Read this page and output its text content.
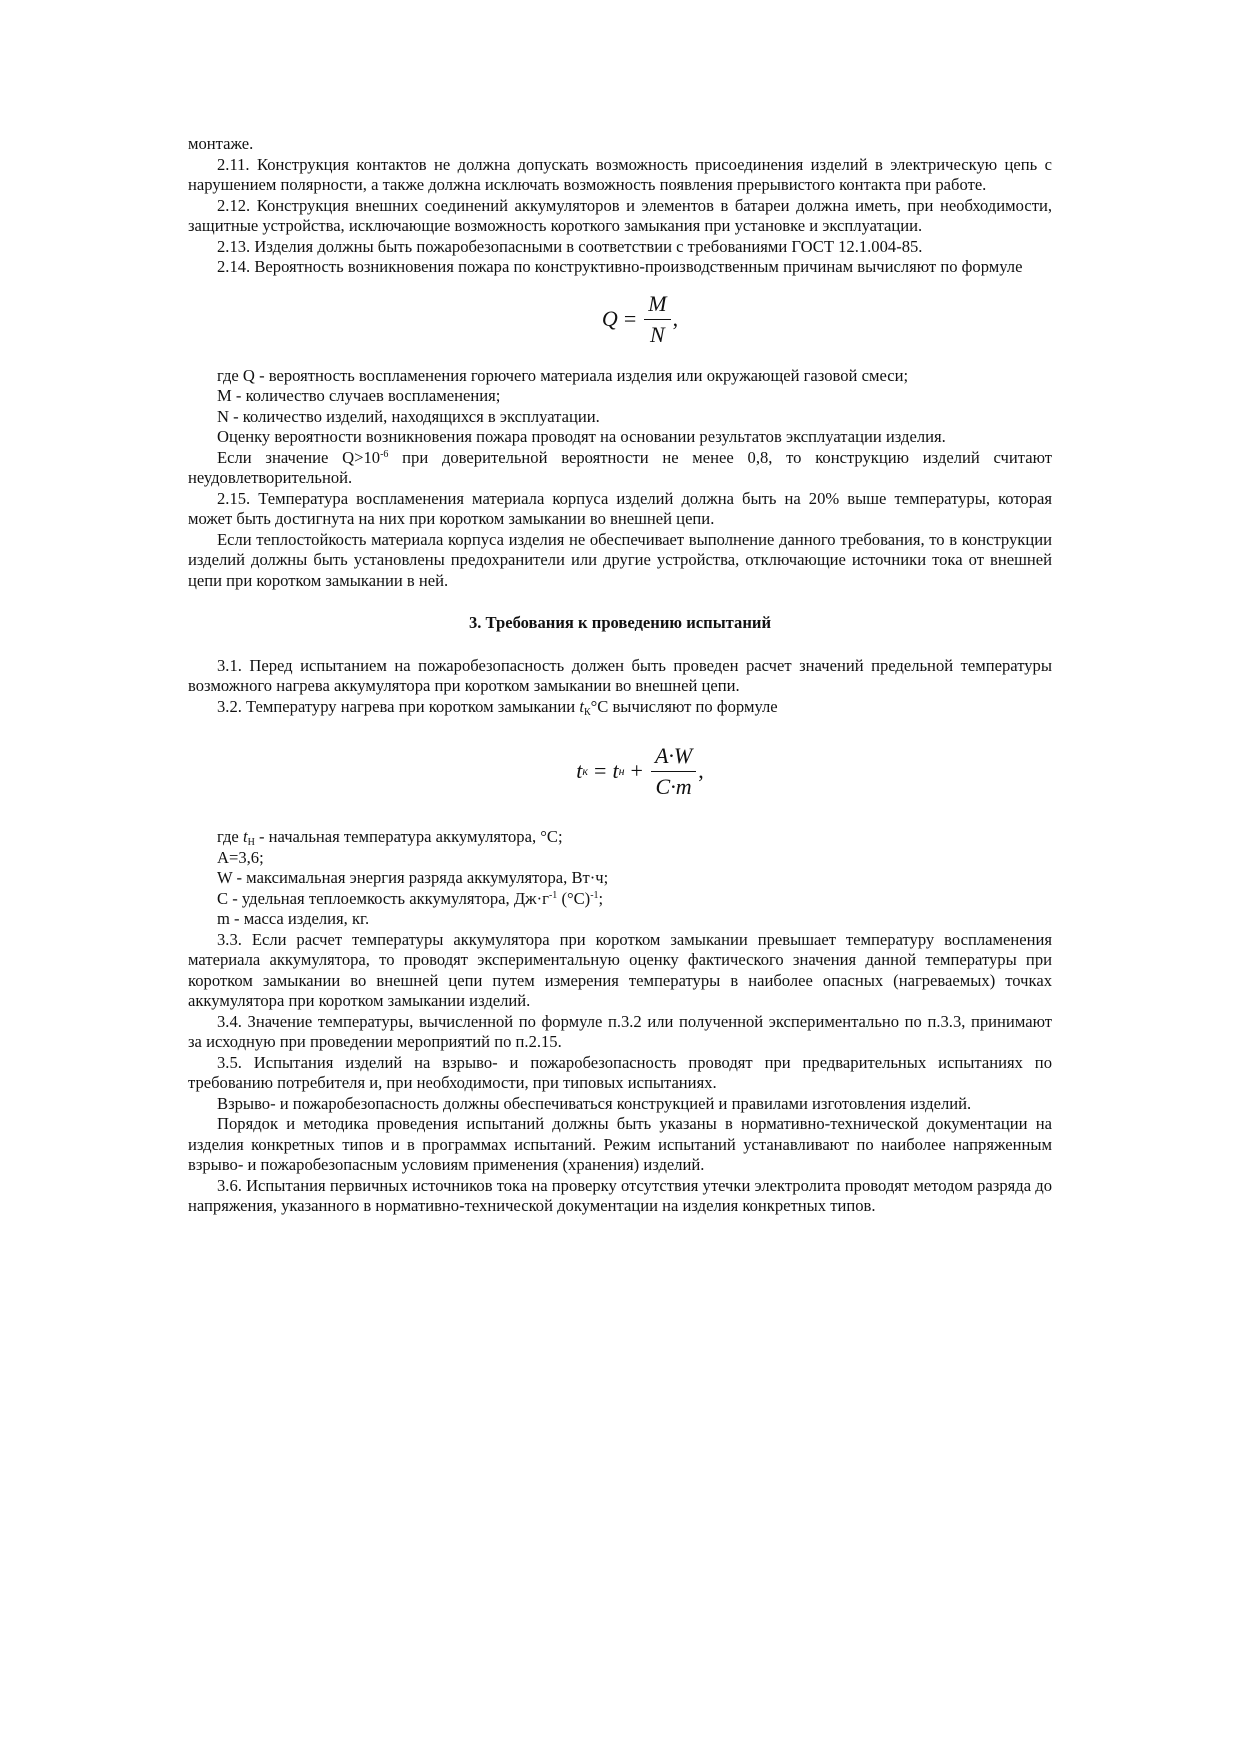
монтаже.

2.11. Конструкция контактов не должна допускать возможность присоединения изделий в электрическую цепь с нарушением полярности, а также должна исключать возможность появления прерывистого контакта при работе.

2.12. Конструкция внешних соединений аккумуляторов и элементов в батареи должна иметь, при необходимости, защитные устройства, исключающие возможность короткого замыкания при установке и эксплуатации.

2.13. Изделия должны быть пожаробезопасными в соответствии с требованиями ГОСТ 12.1.004-85.

2.14. Вероятность возникновения пожара по конструктивно-производственным причинам вычисляют по формуле

$Q = \frac{M}{N}$ ,

где Q - вероятность воспламенения горючего материала изделия или окружающей газовой смеси;

М - количество случаев воспламенения;

N - количество изделий, находящихся в эксплуатации.

Оценку вероятности возникновения пожара проводят на основании результатов эксплуатации изделия.

Если значение $Q>10^{-6}$ при доверительной вероятности не менее 0,8, то конструкцию изделий считают неудовлетворительной.

2.15. Температура воспламенения материала корпуса изделий должна быть на 20% выше температуры, которая может быть достигнута на них при коротком замыкании во внешней цепи.

Если теплостойкость материала корпуса изделия не обеспечивает выполнение данного требования, то в конструкции изделий должны быть установлены предохранители или другие устройства, отключающие источники тока от внешней цепи при коротком замыкании в ней.

3. Требования к проведению испытаний

3.1. Перед испытанием на пожаробезопасность должен быть проведен расчет значений предельной температуры возможного нагрева аккумулятора при коротком замыкании во внешней цепи.

3.2. Температуру нагрева при коротком замыкании $t_К^\circ С$ вычисляют по формуле

t к = t $н + \frac{A\cdot W}{C\cdot m}$ ,

где $t_Н$ - начальная температура аккумулятора, °С;

А=3,6;

W - максимальная энергия разряда аккумулятора, Вт·ч;

С - удельная теплоемкость аккумулятора, $Дж\cdot г^{-1}$ $(^\circ С)^{-1}$;

m - масса изделия, кг.

3.3. Если расчет температуры аккумулятора при коротком замыкании превышает температуру воспламенения материала аккумулятора, то проводят экспериментальную оценку фактического значения данной температуры при коротком замыкании во внешней цепи путем измерения температуры в наиболее опасных (нагреваемых) точках аккумулятора при коротком замыкании изделий.

3.4. Значение температуры, вычисленной по формуле п.3.2 или полученной экспериментально по п.3.3, принимают за исходную при проведении мероприятий по п.2.15.

3.5. Испытания изделий на взрыво- и пожаробезопасность проводят при предварительных испытаниях по требованию потребителя и, при необходимости, при типовых испытаниях.

Взрыво- и пожаробезопасность должны обеспечиваться конструкцией и правилами изготовления изделий.

Порядок и методика проведения испытаний должны быть указаны в нормативно-технической документации на изделия конкретных типов и в программах испытаний. Режим испытаний устанавливают по наиболее напряженным взрыво- и пожаробезопасным условиям применения (хранения) изделий.

3.6. Испытания первичных источников тока на проверку отсутствия утечки электролита проводят методом разряда до напряжения, указанного в нормативно-технической документации на изделия конкретных типов.
